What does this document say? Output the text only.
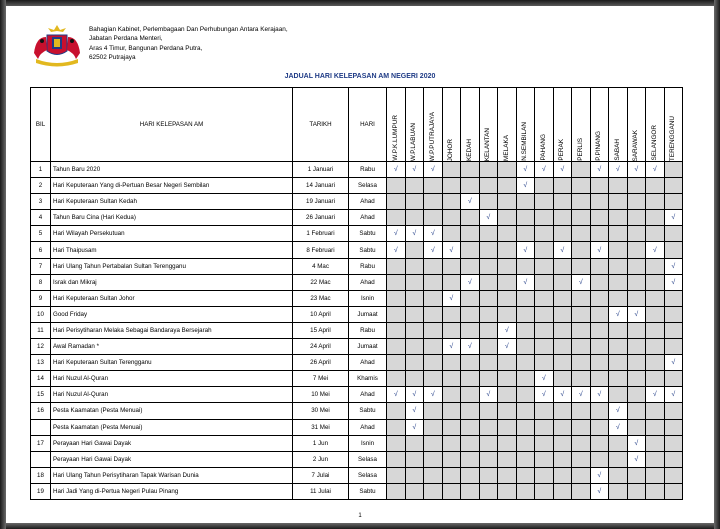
Bahagian Kabinet, Perlembagaan Dan Perhubungan Antara Kerajaan,
Jabatan Perdana Menteri,
Aras 4 Timur, Bangunan Perdana Putra,
62502 Putrajaya
JADUAL HARI KELEPASAN AM NEGERI 2020
BIL	HARI KELEPASAN AM	TARIKH	HARI	W.P.K.LUMPUR	W.P.LABUAN	W.P.PUTRAJAYA	JOHOR	KEDAH	KELANTAN	MELAKA	N.SEMBILAN	PAHANG	PERAK	PERLIS	P.PINANG	SABAH	SARAWAK	SELANGOR	TERENGGANU

1	Tahun Baru 2020	1 Januari	Rabu	√	√	√					√	√	√		√	√	√	√	
2	Hari Keputeraan Yang di-Pertuan Besar Negeri Sembilan	14 Januari	Selasa								√								
3	Hari Keputeraan Sultan Kedah	19 Januari	Ahad					√											
4	Tahun Baru Cina (Hari Kedua)	26 Januari	Ahad						√										√
5	Hari Wilayah Persekutuan	1 Februari	Sabtu	√	√	√													
6	Hari Thaipusam	8 Februari	Sabtu	√		√	√				√		√		√			√	
7	Hari Ulang Tahun Pertabalan Sultan Terengganu	4 Mac	Rabu																√
8	Israk dan Mikraj	22 Mac	Ahad					√			√			√					√
9	Hari Keputeraan Sultan Johor	23 Mac	Isnin				√												
10	Good Friday	10 April	Jumaat													√	√		
11	Hari Perisytiharan Melaka Sebagai Bandaraya Bersejarah	15 April	Rabu							√									
12	Awal Ramadan *	24 April	Jumaat				√	√		√									
13	Hari Keputeraan Sultan Terengganu	26 April	Ahad																√
14	Hari Nuzul Al-Quran	7 Mei	Khamis									√							
15	Hari Nuzul Al-Quran	10 Mei	Ahad	√	√	√			√			√	√	√	√			√	√
16	Pesta Kaamatan (Pesta Menuai)	30 Mei	Sabtu		√											√			
	Pesta Kaamatan (Pesta Menuai)	31 Mei	Ahad		√											√			
17	Perayaan Hari Gawai Dayak	1 Jun	Isnin														√		
	Perayaan Hari Gawai Dayak	2 Jun	Selasa														√		
18	Hari Ulang Tahun Perisytiharan Tapak Warisan Dunia	7 Julai	Selasa												√				
19	Hari Jadi Yang di-Pertua Negeri Pulau Pinang	11 Julai	Sabtu												√				
1
